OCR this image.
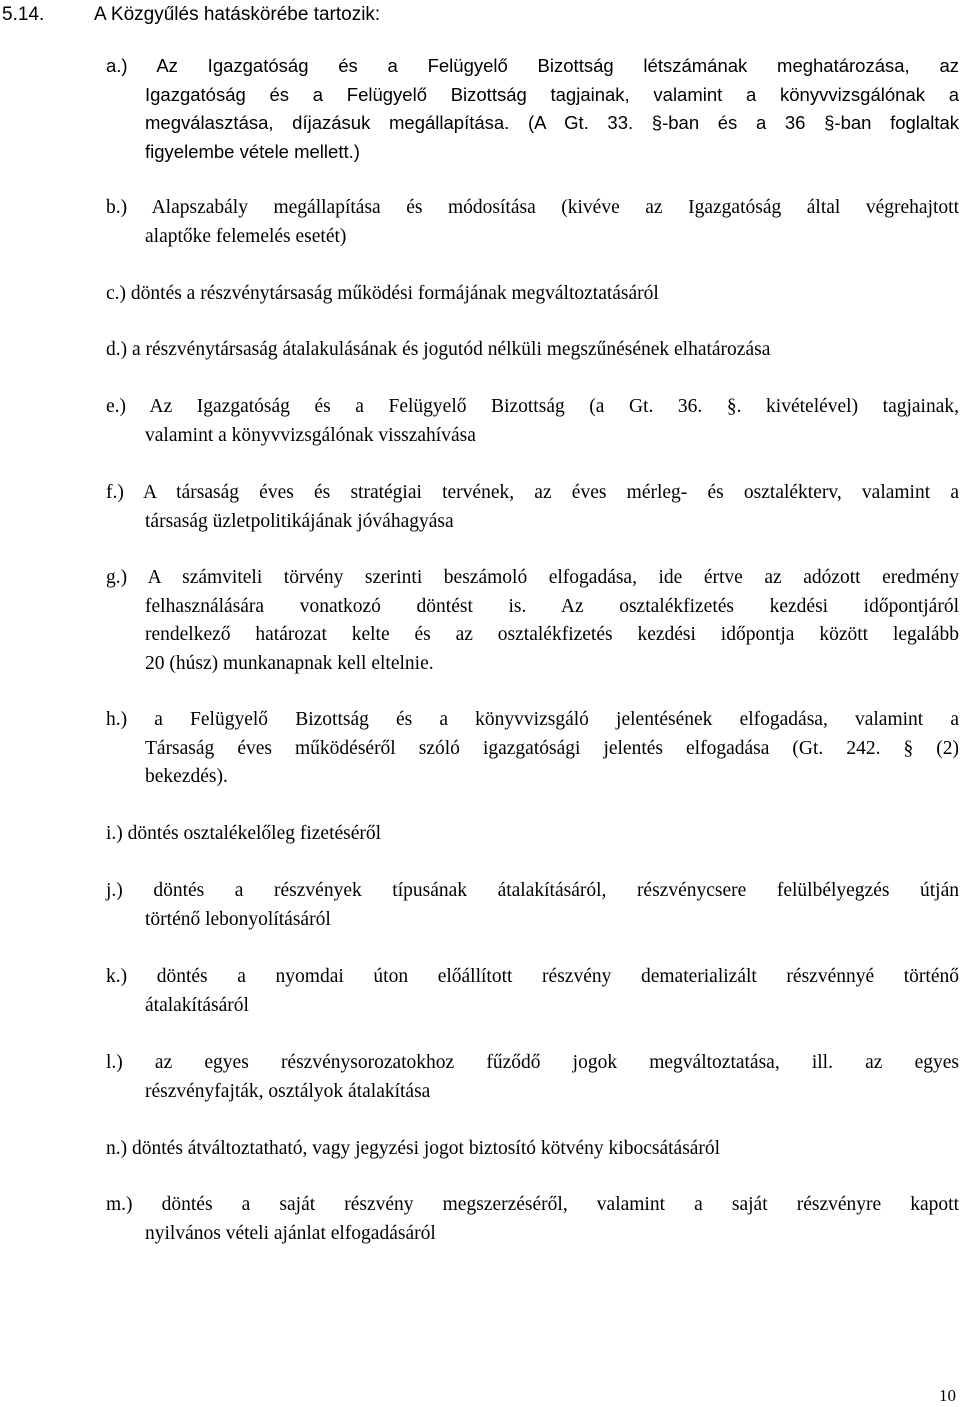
5.14.	A Közgyűlés hatáskörébe tartozik:
a.) Az Igazgatóság és a Felügyelő Bizottság létszámának meghatározása, az
Igazgatóság és a Felügyelő Bizottság tagjainak, valamint a könyvvizsgálónak a
megválasztása, díjazásuk megállapítása. (A Gt. 33. §-ban és a 36 §-ban foglaltak
figyelembe vétele mellett.)
b.) Alapszabály megállapítása és módosítása (kivéve az Igazgatóság által végrehajtott
alaptőke felemelés esetét)
c.) döntés a részvénytársaság működési formájának megváltoztatásáról
d.) a részvénytársaság átalakulásának és jogutód nélküli megszűnésének elhatározása
e.) Az Igazgatóság és a Felügyelő Bizottság (a Gt. 36. §. kivételével) tagjainak,
valamint a könyvvizsgálónak visszahívása
f.) A társaság éves és stratégiai tervének, az éves mérleg- és osztalékterv, valamint a
társaság üzletpolitikájának jóváhagyása
g.) A számviteli törvény szerinti beszámoló elfogadása, ide értve az adózott eredmény
felhasználására vonatkozó döntést is. Az osztalékfizetés kezdési időpontjáról
rendelkező határozat kelte és az osztalékfizetés kezdési időpontja között legalább
20 (húsz) munkanapnak kell eltelnie.
h.) a Felügyelő Bizottság és a könyvvizsgáló jelentésének elfogadása, valamint a
Társaság éves működéséről szóló igazgatósági jelentés elfogadása (Gt. 242. § (2)
bekezdés).
i.) döntés osztalékelőleg fizetéséről
j.) döntés a részvények típusának átalakításáról, részvénycsere felülbélyegzés útján
történő lebonyolításáról
k.) döntés a nyomdai úton előállított részvény dematerializált részvénnyé történő
átalakításáról
l.) az egyes részvénysorozatokhoz fűződő jogok megváltoztatása, ill. az egyes
részvényfajták, osztályok átalakítása
n.) döntés átváltoztatható, vagy jegyzési jogot biztosító kötvény kibocsátásáról
m.) döntés a saját részvény megszerzéséről, valamint a saját részvényre kapott
nyilvános vételi ajánlat elfogadásáról
10
